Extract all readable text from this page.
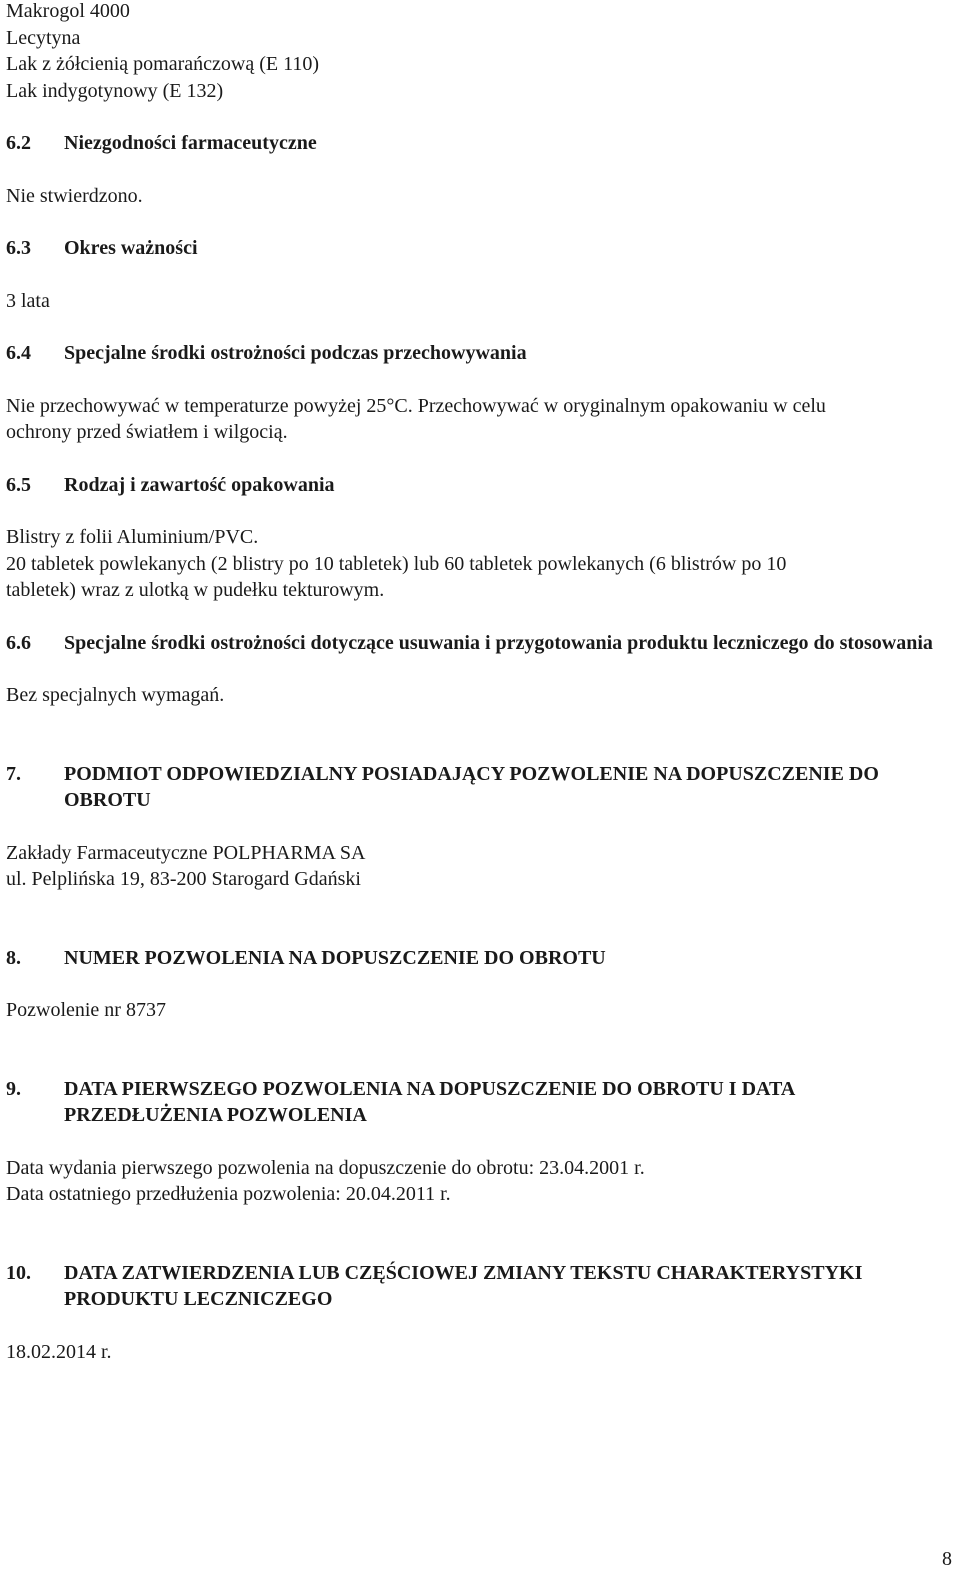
Makrogol 4000
Lecytyna
Lak z żółcienią pomarańczową (E 110)
Lak indygotynowy (E 132)
6.2	Niezgodności farmaceutyczne
Nie stwierdzono.
6.3	Okres ważności
3 lata
6.4	Specjalne środki ostrożności podczas przechowywania
Nie przechowywać w temperaturze powyżej 25°C. Przechowywać w oryginalnym opakowaniu w celu
ochrony przed światłem i wilgocią.
6.5	Rodzaj i zawartość opakowania
Blistry z folii Aluminium/PVC.
20 tabletek powlekanych (2 blistry po 10 tabletek) lub 60 tabletek powlekanych (6 blistrów po 10
tabletek) wraz z ulotką w pudełku tekturowym.
6.6	Specjalne środki ostrożności dotyczące usuwania i przygotowania produktu leczniczego do stosowania
Bez specjalnych wymagań.
7.	PODMIOT ODPOWIEDZIALNY POSIADAJĄCY POZWOLENIE NA DOPUSZCZENIE DO OBROTU
Zakłady Farmaceutyczne POLPHARMA SA
ul. Pelplińska 19, 83-200 Starogard Gdański
8.	NUMER POZWOLENIA NA DOPUSZCZENIE DO OBROTU
Pozwolenie nr 8737
9.	DATA PIERWSZEGO POZWOLENIA NA DOPUSZCZENIE DO OBROTU I DATA PRZEDŁUŻENIA POZWOLENIA
Data wydania pierwszego pozwolenia na dopuszczenie do obrotu: 23.04.2001 r.
Data ostatniego przedłużenia pozwolenia: 20.04.2011 r.
10.	DATA ZATWIERDZENIA LUB CZĘŚCIOWEJ ZMIANY TEKSTU CHARAKTERYSTYKI PRODUKTU LECZNICZEGO
18.02.2014 r.
8
